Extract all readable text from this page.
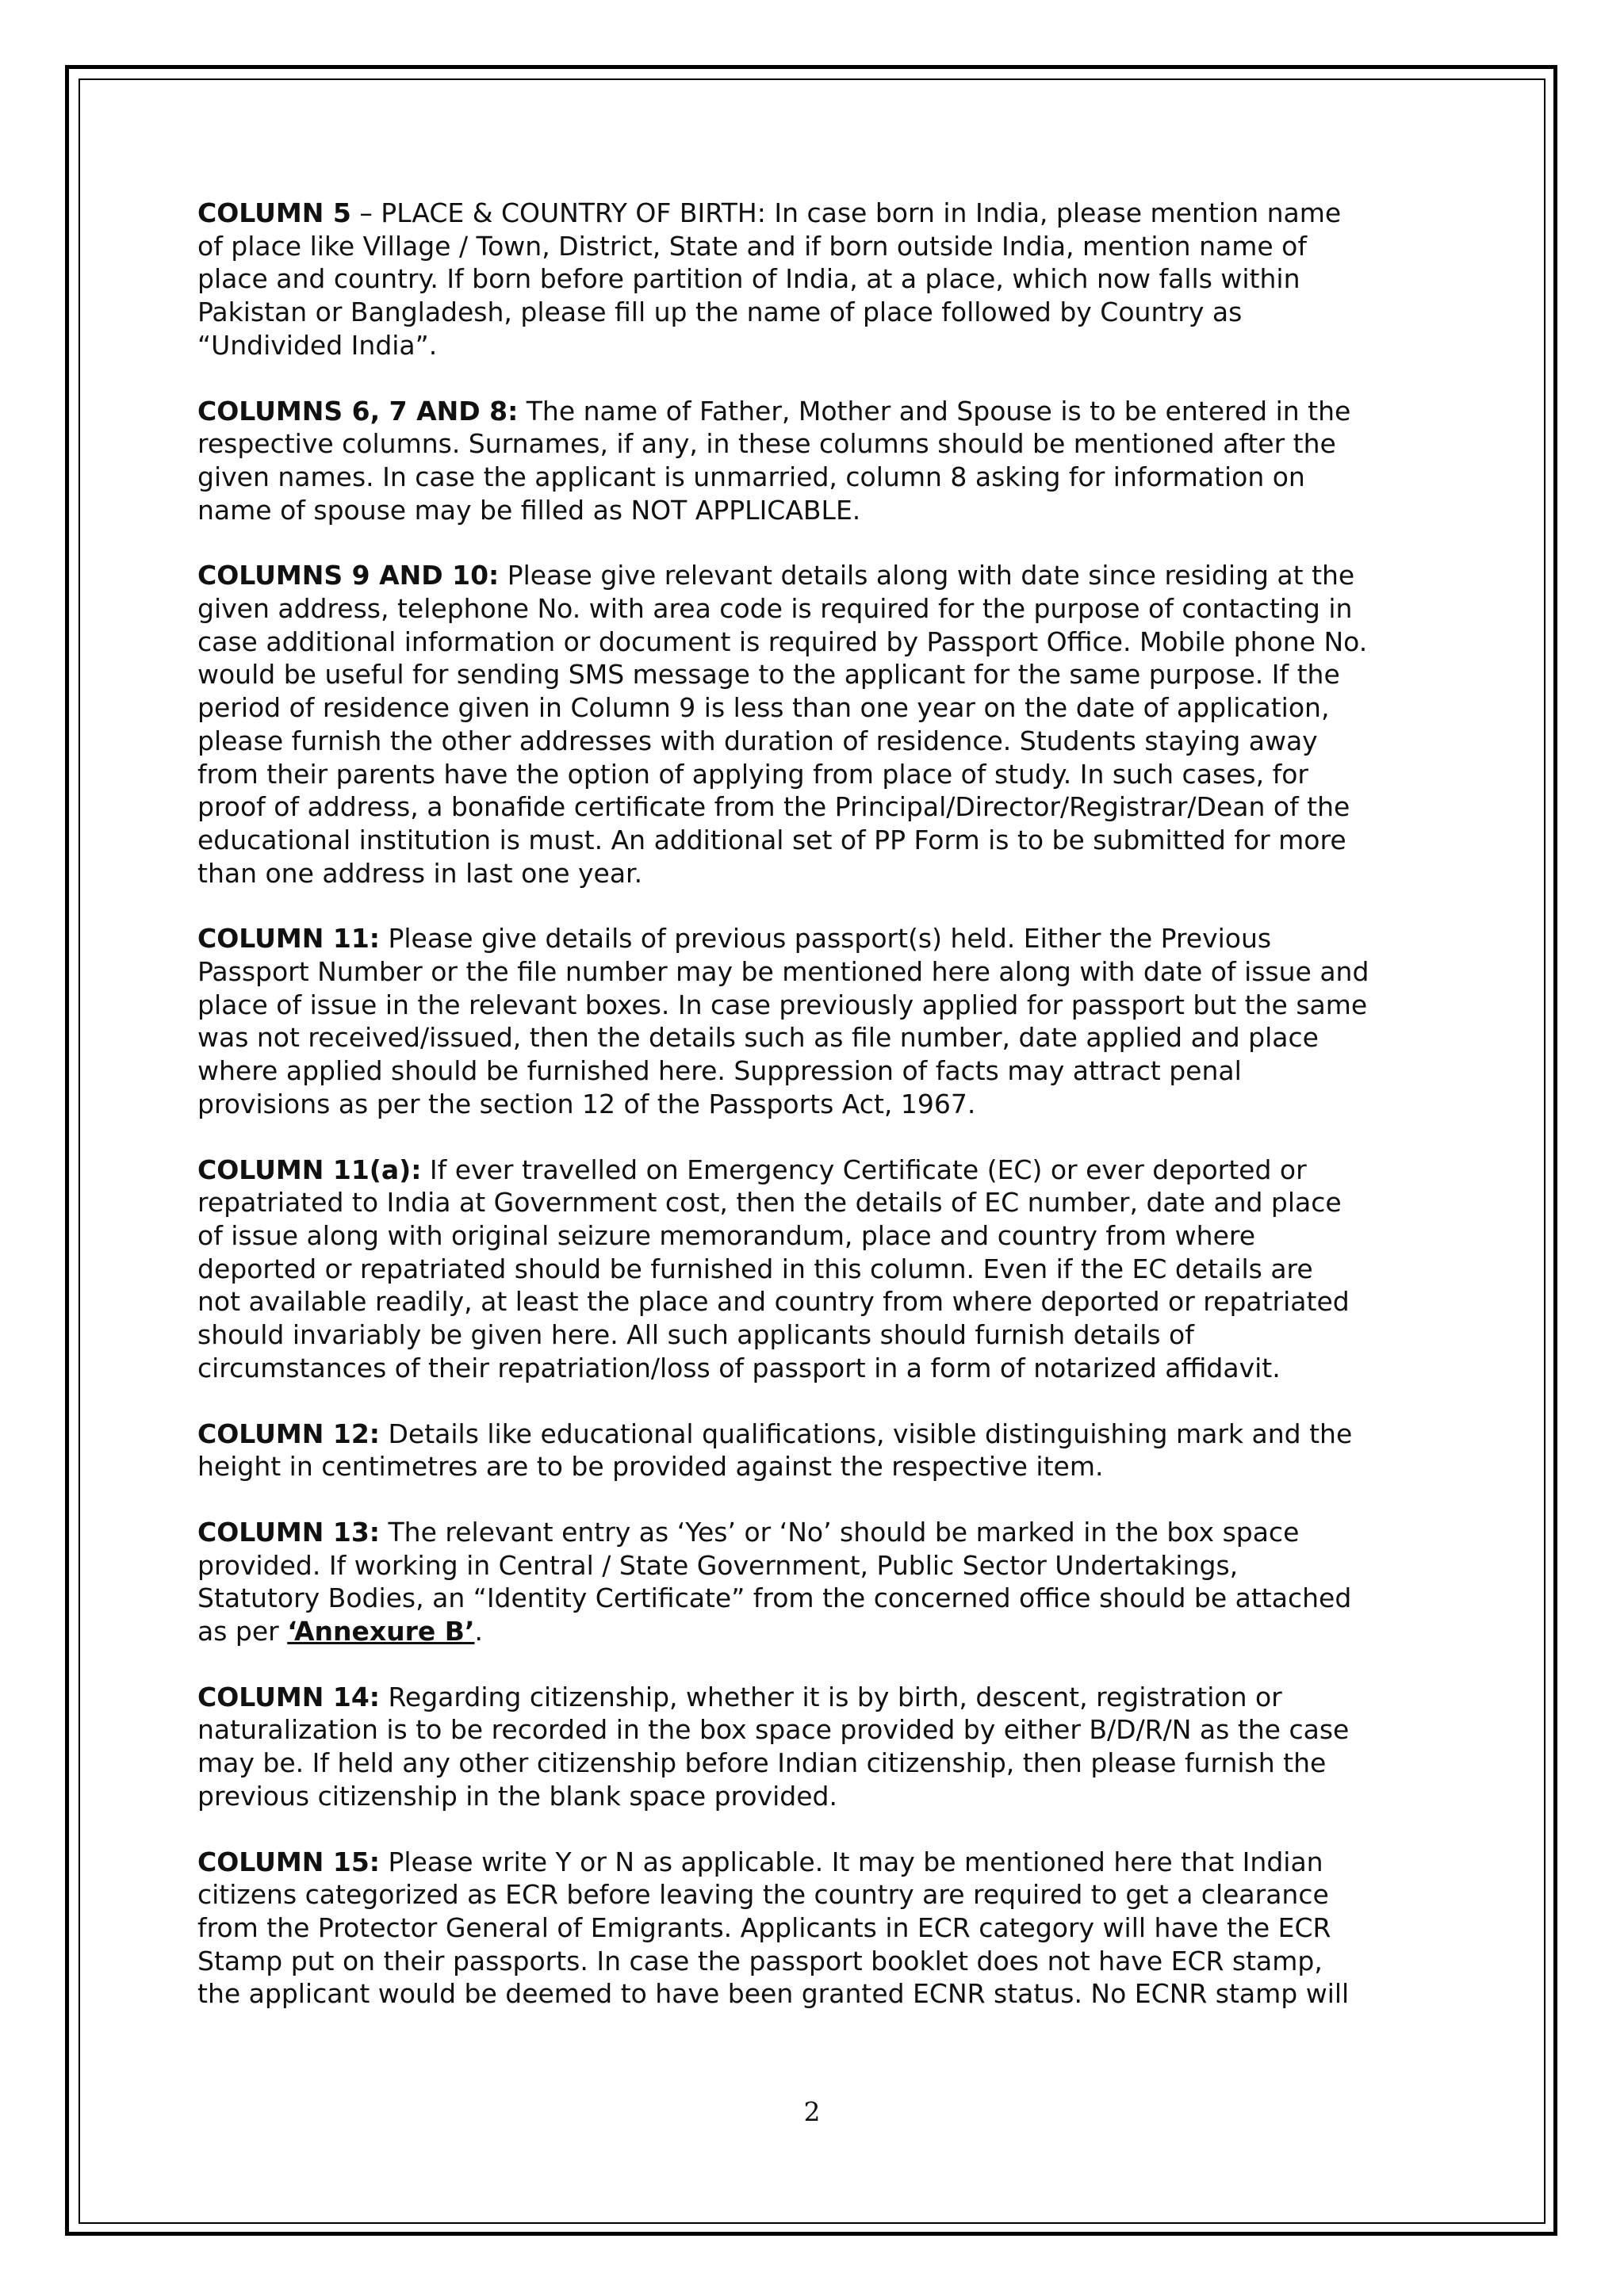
COLUMN 5 – PLACE & COUNTRY OF BIRTH: In case born in India, please mention name
of place like Village / Town, District, State and if born outside India, mention name of
place and country. If born before partition of India, at a place, which now falls within
Pakistan or Bangladesh, please fill up the name of place followed by Country as
“Undivided India”.

COLUMNS 6, 7 AND 8: The name of Father, Mother and Spouse is to be entered in the
respective columns. Surnames, if any, in these columns should be mentioned after the
given names. In case the applicant is unmarried, column 8 asking for information on
name of spouse may be filled as NOT APPLICABLE.

COLUMNS 9 AND 10: Please give relevant details along with date since residing at the
given address, telephone No. with area code is required for the purpose of contacting in
case additional information or document is required by Passport Office. Mobile phone No.
would be useful for sending SMS message to the applicant for the same purpose. If the
period of residence given in Column 9 is less than one year on the date of application,
please furnish the other addresses with duration of residence. Students staying away
from their parents have the option of applying from place of study. In such cases, for
proof of address, a bonafide certificate from the Principal/Director/Registrar/Dean of the
educational institution is must. An additional set of PP Form is to be submitted for more
than one address in last one year.

COLUMN 11: Please give details of previous passport(s) held. Either the Previous
Passport Number or the file number may be mentioned here along with date of issue and
place of issue in the relevant boxes. In case previously applied for passport but the same
was not received/issued, then the details such as file number, date applied and place
where applied should be furnished here. Suppression of facts may attract penal
provisions as per the section 12 of the Passports Act, 1967.

COLUMN 11(a): If ever travelled on Emergency Certificate (EC) or ever deported or
repatriated to India at Government cost, then the details of EC number, date and place
of issue along with original seizure memorandum, place and country from where
deported or repatriated should be furnished in this column. Even if the EC details are
not available readily, at least the place and country from where deported or repatriated
should invariably be given here. All such applicants should furnish details of
circumstances of their repatriation/loss of passport in a form of notarized affidavit.

COLUMN 12: Details like educational qualifications, visible distinguishing mark and the
height in centimetres are to be provided against the respective item.

COLUMN 13: The relevant entry as ‘Yes’ or ‘No’ should be marked in the box space
provided. If working in Central / State Government, Public Sector Undertakings,
Statutory Bodies, an “Identity Certificate” from the concerned office should be attached
as per ‘Annexure B’.

COLUMN 14: Regarding citizenship, whether it is by birth, descent, registration or
naturalization is to be recorded in the box space provided by either B/D/R/N as the case
may be. If held any other citizenship before Indian citizenship, then please furnish the
previous citizenship in the blank space provided.

COLUMN 15: Please write Y or N as applicable. It may be mentioned here that Indian
citizens categorized as ECR before leaving the country are required to get a clearance
from the Protector General of Emigrants. Applicants in ECR category will have the ECR
Stamp put on their passports. In case the passport booklet does not have ECR stamp,
the applicant would be deemed to have been granted ECNR status. No ECNR stamp will

2
